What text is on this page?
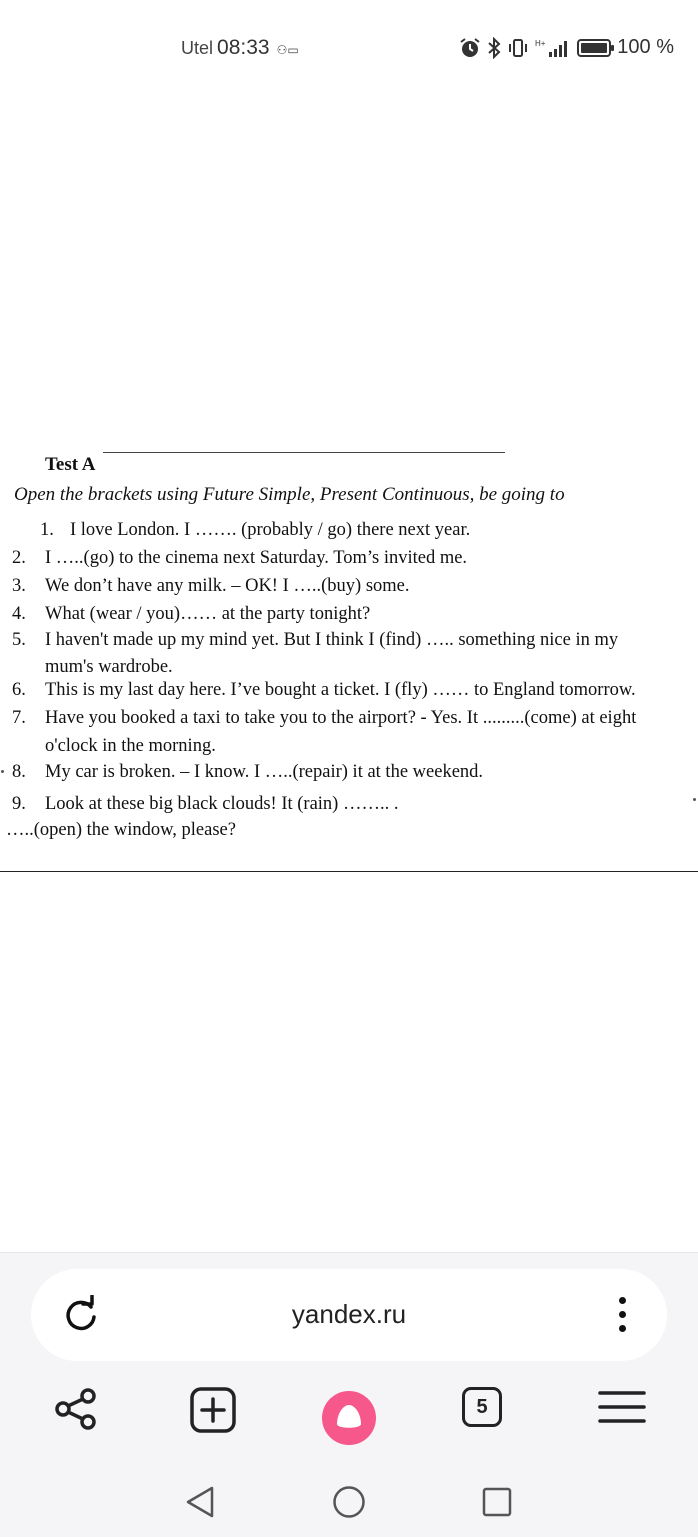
Utel 08:33 ⚇▭	H+	100 %
Test A
Open the brackets using Future Simple, Present Continuous, be going to
1. I love London. I ……. (probably / go) there next year.
2. I …..(go) to the cinema next Saturday. Tom’s invited me.
3. We don’t have any milk. – OK! I …..(buy) some.
4. What (wear / you)…… at the party tonight?
5. I haven't made up my mind yet. But I think I (find) ….. something nice in my
mum's wardrobe.
6. This is my last day here. I’ve bought a ticket. I (fly) …… to England tomorrow.
7. Have you booked a taxi to take you to the airport? - Yes. It .........(come) at eight
o'clock in the morning.
8. My car is broken. – I know. I …..(repair) it at the weekend.
9. Look at these big black clouds! It (rain) …….. .
…..(open) the window, please?
yandex.ru
5
